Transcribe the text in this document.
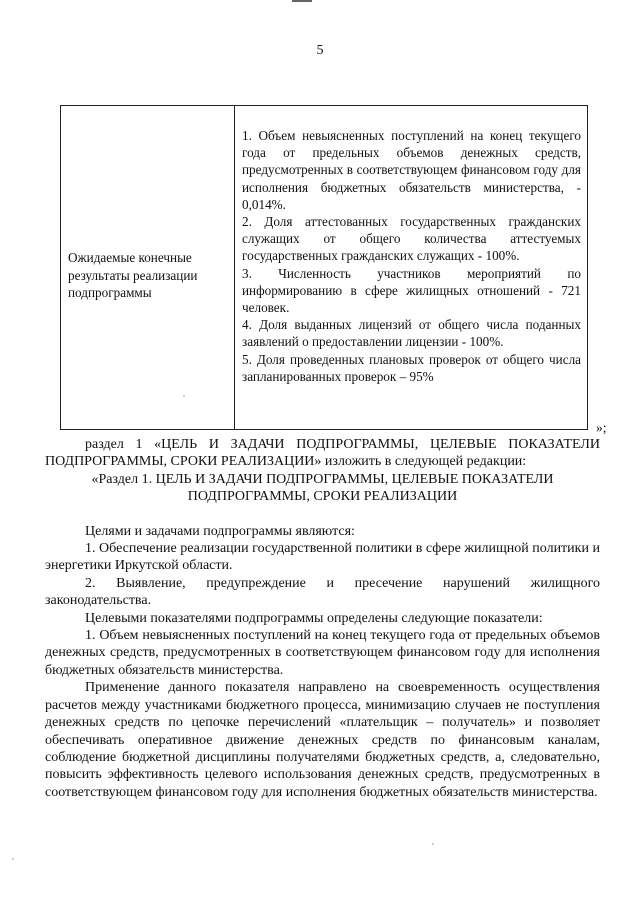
5
Ожидаемые конечные результаты реализации подпрограммы

1. Объем невыясненных поступлений на конец текущего года от предельных объемов денежных средств, предусмотренных в соответствующем финансовом году для исполнения бюджетных обязательств министерства, - 0,014%.

2. Доля аттестованных государственных гражданских служащих от общего количества аттестуемых государственных гражданских служащих - 100%.

3. Численность участников мероприятий по информированию в сфере жилищных отношений - 721 человек.

4. Доля выданных лицензий от общего числа поданных заявлений о предоставлении лицензии - 100%.

5. Доля проведенных плановых проверок от общего числа запланированных проверок – 95%

»;

раздел 1 «ЦЕЛЬ И ЗАДАЧИ ПОДПРОГРАММЫ, ЦЕЛЕВЫЕ ПОКАЗАТЕЛИ ПОДПРОГРАММЫ, СРОКИ РЕАЛИЗАЦИИ» изложить в следующей редакции:

«Раздел 1. ЦЕЛЬ И ЗАДАЧИ ПОДПРОГРАММЫ, ЦЕЛЕВЫЕ ПОКАЗАТЕЛИ ПОДПРОГРАММЫ, СРОКИ РЕАЛИЗАЦИИ

Целями и задачами подпрограммы являются:

1. Обеспечение реализации государственной политики в сфере жилищной политики и энергетики Иркутской области.

2. Выявление, предупреждение и пресечение нарушений жилищного законодательства.

Целевыми показателями подпрограммы определены следующие показатели:

1. Объем невыясненных поступлений на конец текущего года от предельных объемов денежных средств, предусмотренных в соответствующем финансовом году для исполнения бюджетных обязательств министерства.

Применение данного показателя направлено на своевременность осуществления расчетов между участниками бюджетного процесса, минимизацию случаев не поступления денежных средств по цепочке перечислений «плательщик – получатель» и позволяет обеспечивать оперативное движение денежных средств по финансовым каналам, соблюдение бюджетной дисциплины получателями бюджетных средств, а, следовательно, повысить эффективность целевого использования денежных средств, предусмотренных в соответствующем финансовом году для исполнения бюджетных обязательств министерства.
